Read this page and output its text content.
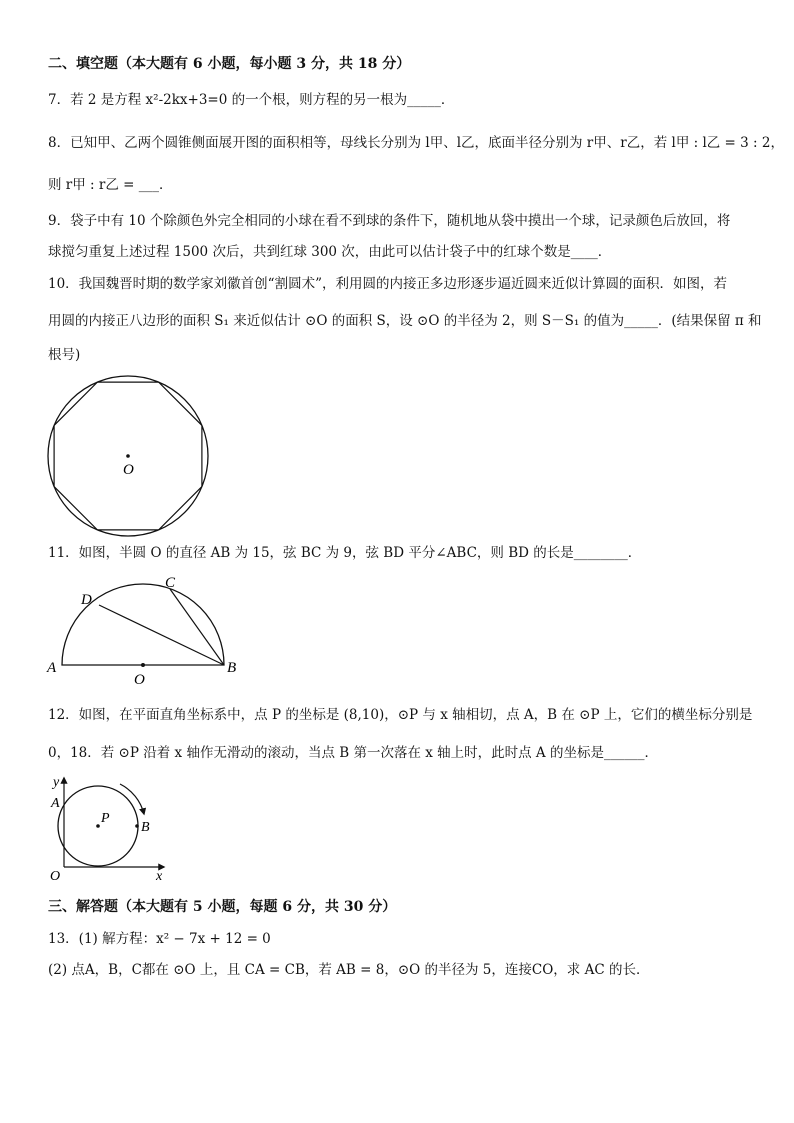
二、填空题（本大题有 6 小题，每小题 3 分，共 18 分）
7．若 2 是方程 x²-2kx+3=0 的一个根，则方程的另一根为_____．
8．已知甲、乙两个圆锥侧面展开图的面积相等，母线长分别为 l甲、l乙，底面半径分别为 r甲、r乙，若 l甲 : l乙 = 3 : 2，
则 r甲 : r乙 = ___．
9．袋子中有 10 个除颜色外完全相同的小球在看不到球的条件下，随机地从袋中摸出一个球，记录颜色后放回，将
球搅匀重复上述过程 1500 次后，共到红球 300 次，由此可以估计袋子中的红球个数是____．
10．我国魏晋时期的数学家刘徽首创“割圆术”，利用圆的内接正多边形逐步逼近圆来近似计算圆的面积．如图，若
用圆的内接正八边形的面积 S₁ 来近似估计 ⊙O 的面积 S，设 ⊙O 的半径为 2，则 S－S₁ 的值为_____．(结果保留 π 和
根号)
O
11．如图，半圆 O 的直径 AB 为 15，弦 BC 为 9，弦 BD 平分∠ABC，则 BD 的长是________．
A	B
C
D
O
12．如图，在平面直角坐标系中，点 P 的坐标是 (8,10)，⊙P 与 x 轴相切，点 A，B 在 ⊙P 上，它们的横坐标分别是
0，18．若 ⊙P 沿着 x 轴作无滑动的滚动，当点 B 第一次落在 x 轴上时，此时点 A 的坐标是______．
y
x
O
A
B
P
三、解答题（本大题有 5 小题，每题 6 分，共 30 分）
13．(1) 解方程：x² − 7x + 12 = 0
(2) 点A，B，C都在 ⊙O 上，且 CA = CB，若 AB = 8，⊙O 的半径为 5，连接CO，求 AC 的长．
